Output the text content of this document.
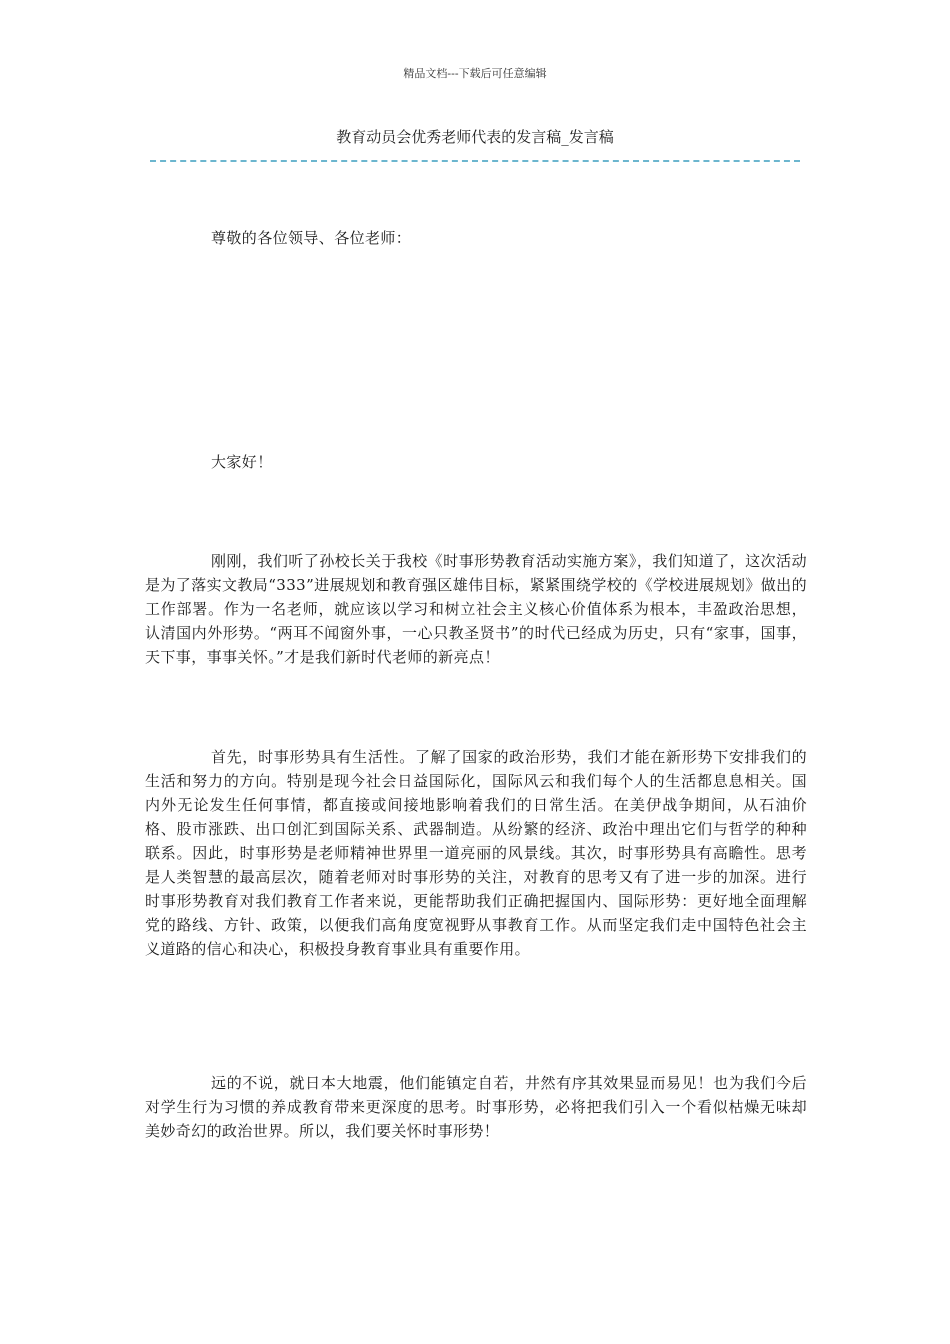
精品文档---下载后可任意编辑
教育动员会优秀老师代表的发言稿_发言稿

尊敬的各位领导、各位老师：

大家好！

刚刚，我们听了孙校长关于我校《时事形势教育活动实施方案》，我们知道了，这次活动是为了落实文教局“333”进展规划和教育强区雄伟目标，紧紧围绕学校的《学校进展规划》做出的工作部署。作为一名老师，就应该以学习和树立社会主义核心价值体系为根本，丰盈政治思想，认清国内外形势。“两耳不闻窗外事，一心只教圣贤书”的时代已经成为历史，只有“家事，国事，天下事，事事关怀。”才是我们新时代老师的新亮点！

首先，时事形势具有生活性。了解了国家的政治形势，我们才能在新形势下安排我们的生活和努力的方向。特别是现今社会日益国际化，国际风云和我们每个人的生活都息息相关。国内外无论发生任何事情，都直接或间接地影响着我们的日常生活。在美伊战争期间，从石油价格、股市涨跌、出口创汇到国际关系、武器制造。从纷繁的经济、政治中理出它们与哲学的种种联系。因此，时事形势是老师精神世界里一道亮丽的风景线。其次，时事形势具有高瞻性。思考是人类智慧的最高层次，随着老师对时事形势的关注，对教育的思考又有了进一步的加深。进行时事形势教育对我们教育工作者来说，更能帮助我们正确把握国内、国际形势：更好地全面理解党的路线、方针、政策，以便我们高角度宽视野从事教育工作。从而坚定我们走中国特色社会主义道路的信心和决心，积极投身教育事业具有重要作用。

远的不说，就日本大地震，他们能镇定自若，井然有序其效果显而易见！也为我们今后对学生行为习惯的养成教育带来更深度的思考。时事形势，必将把我们引入一个看似枯燥无味却美妙奇幻的政治世界。所以，我们要关怀时事形势！
